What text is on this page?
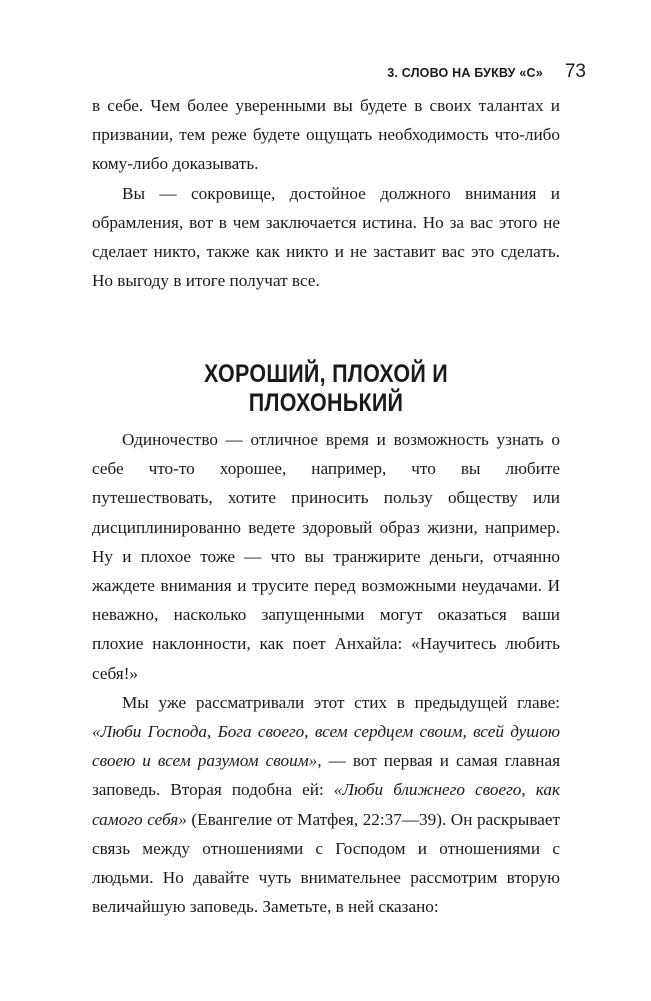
3. СЛОВО НА БУКВУ «С» 73

в себе. Чем более уверенными вы будете в своих талантах и призвании, тем реже будете ощущать необходимость что-либо кому-либо доказывать.

Вы — сокровище, достойное должного внимания и обрамления, вот в чем заключается истина. Но за вас этого не сделает никто, также как никто и не заставит вас это сделать. Но выгоду в итоге получат все.

ХОРОШИЙ, ПЛОХОЙ И ПЛОХОНЬКИЙ

Одиночество — отличное время и возможность узнать о себе что-то хорошее, например, что вы любите путешествовать, хотите приносить пользу обществу или дисциплинированно ведете здоровый образ жизни, например. Ну и плохое тоже — что вы транжирите деньги, отчаянно жаждете внимания и трусите перед возможными неудачами. И неважно, насколько запущенными могут оказаться ваши плохие наклонности, как поет Анхайла: «Научитесь любить себя!»

Мы уже рассматривали этот стих в предыдущей главе: «Люби Господа, Бога своего, всем сердцем своим, всей душою своею и всем разумом своим», — вот первая и самая главная заповедь. Вторая подобна ей: «Люби ближнего своего, как самого себя» (Евангелие от Матфея, 22:37—39). Он раскрывает связь между отношениями с Господом и отношениями с людьми. Но давайте чуть внимательнее рассмотрим вторую величайшую заповедь. Заметьте, в ней сказано:
